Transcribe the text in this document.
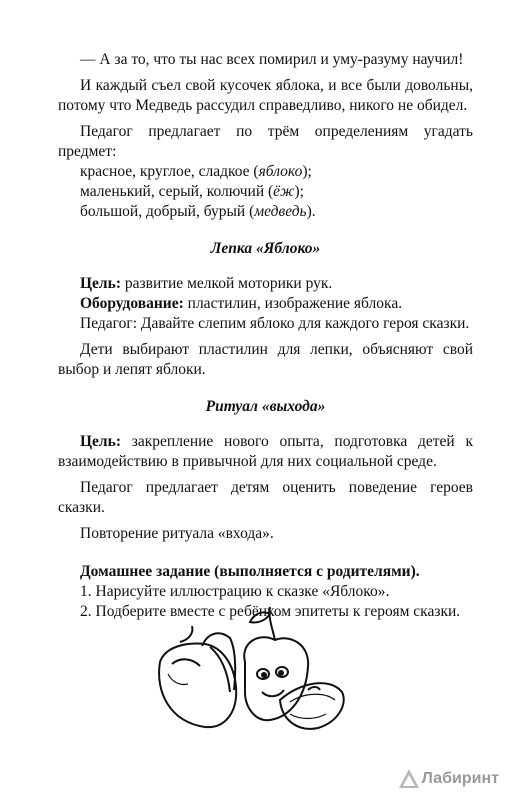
— А за то, что ты нас всех помирил и уму-разуму научил!

И каждый съел свой кусочек яблока, и все были довольны, потому что Медведь рассудил справедливо, никого не обидел.

Педагог предлагает по трём определениям угадать предмет:

красное, круглое, сладкое (яблоко);

маленький, серый, колючий (ёж);

большой, добрый, бурый (медведь).

Лепка «Яблоко»

Цель: развитие мелкой моторики рук.

Оборудование: пластилин, изображение яблока.

Педагог: Давайте слепим яблоко для каждого героя сказки.

Дети выбирают пластилин для лепки, объясняют свой выбор и лепят яблоки.

Ритуал «выхода»

Цель: закрепление нового опыта, подготовка детей к взаимодействию в привычной для них социальной среде.

Педагог предлагает детям оценить поведение героев сказки.

Повторение ритуала «входа».

Домашнее задание (выполняется с родителями).

1. Нарисуйте иллюстрацию к сказке «Яблоко».

2. Подберите вместе с ребёнком эпитеты к героям сказки.

Лабиринт
